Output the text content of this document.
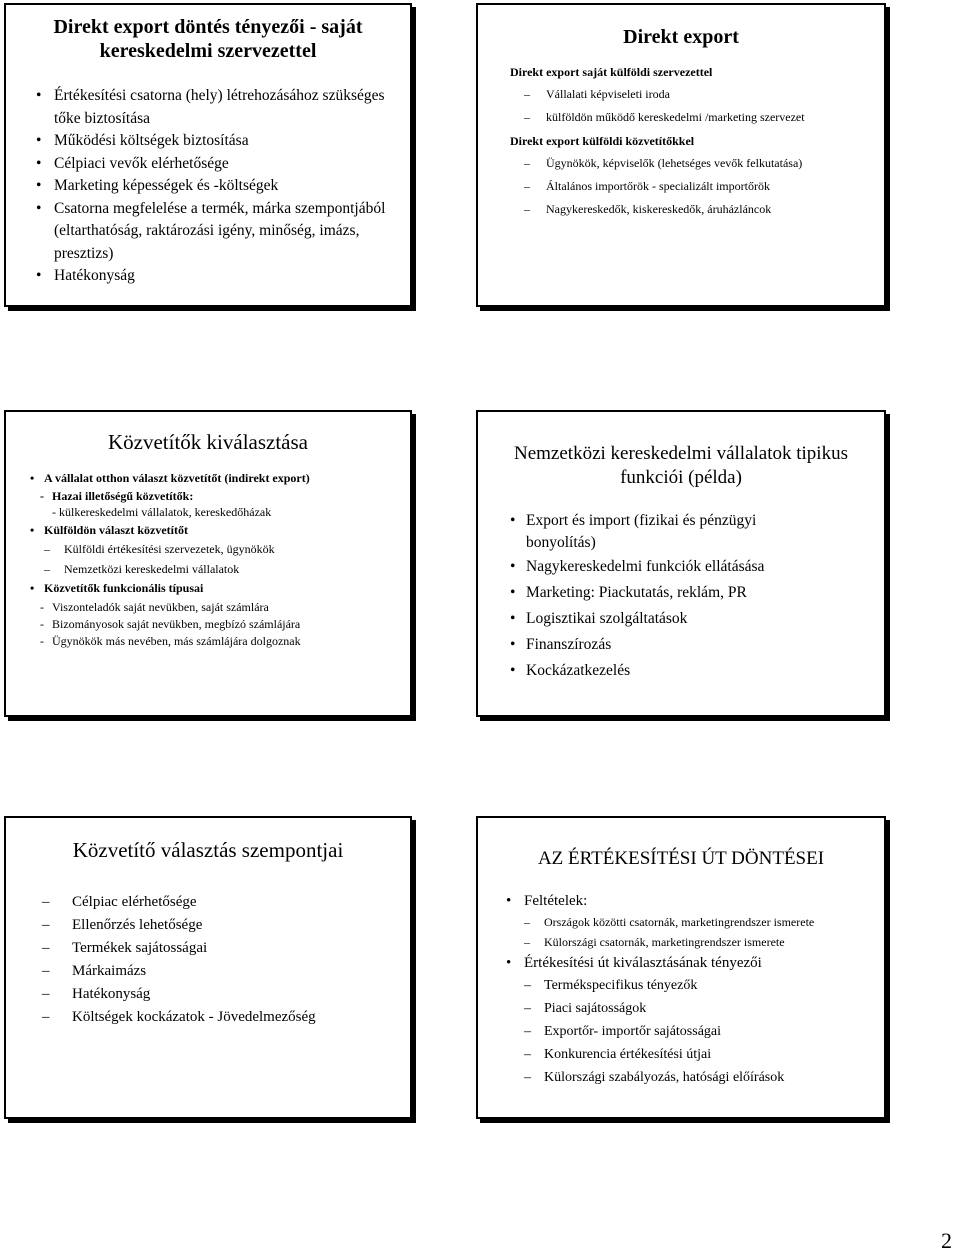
Direkt export döntés tényezői - saját kereskedelmi szervezettel
• Értékesítési csatorna (hely) létrehozásához szükséges tőke biztosítása
• Működési költségek biztosítása
• Célpiaci vevők elérhetősége
• Marketing képességek és -költségek
• Csatorna megfelelése a termék, márka szempontjából (eltarthatóság, raktározási igény, minőség, imázs, presztizs)
• Hatékonyság
Direkt export
Direkt export saját külföldi szervezettel
– Vállalati képviseleti iroda
– külföldön működő kereskedelmi /marketing szervezet
Direkt export külföldi közvetítőkkel
– Ügynökök, képviselők (lehetséges vevők felkutatása)
– Általános importőrök - specializált importőrök
– Nagykereskedők, kiskereskedők, áruházláncok
Közvetítők kiválasztása
• A vállalat otthon választ közvetítőt (indirekt export)
- Hazai illetőségű közvetítők:
- külkereskedelmi vállalatok, kereskedőházak
• Külföldön választ közvetítőt
– Külföldi értékesítési szervezetek, ügynökök
– Nemzetközi kereskedelmi vállalatok
• Közvetítők funkcionális típusai
- Viszonteladók saját nevükben, saját számlára
- Bizományosok saját nevükben, megbízó számlájára
- Ügynökök más nevében, más számlájára dolgoznak
Nemzetközi kereskedelmi vállalatok tipikus funkciói (példa)
• Export és import (fizikai és pénzügyi bonyolítás)
• Nagykereskedelmi funkciók ellátásása
• Marketing: Piackutatás, reklám, PR
• Logisztikai szolgáltatások
• Finanszírozás
• Kockázatkezelés
Közvetítő választás szempontjai
– Célpiac elérhetősége
– Ellenőrzés lehetősége
– Termékek sajátosságai
– Márkaimázs
– Hatékonyság
– Költségek kockázatok - Jövedelmezőség
AZ ÉRTÉKESÍTÉSI ÚT DÖNTÉSEI
• Feltételek:
– Országok közötti csatornák, marketingrendszer ismerete
– Külországi csatornák, marketingrendszer ismerete
• Értékesítési út kiválasztásának tényezői
– Termékspecifikus tényezők
– Piaci sajátosságok
– Exportőr- importőr sajátosságai
– Konkurencia értékesítési útjai
– Külországi szabályozás, hatósági előírások
2
